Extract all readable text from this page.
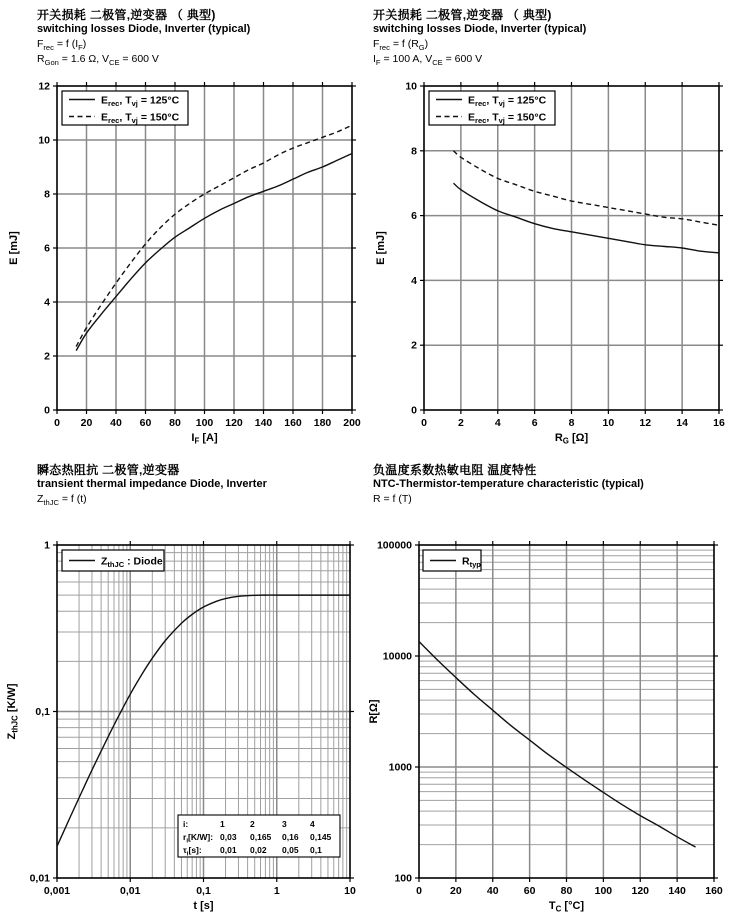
开关损耗 二极管,逆变器 （ 典型)
switching losses Diode, Inverter (typical)
$F_{rec} = f$ $(I_F)$
$R_{Gon} = 1.6$ Ω, $V_{CE} = 600$ V
开关损耗 二极管,逆变器 （ 典型)
switching losses Diode, Inverter (typical)
$F_{rec} = f$ $(R_G)$
$I_F = 100$ A, $V_{CE} = 600$ V
瞬态热阻抗 二极管,逆变器
transient thermal impedance Diode, Inverter
$Z_{thJC} = f$ (t)
负温度系数热敏电阻 温度特性
NTC-Thermistor-temperature characteristic (typical)
R = f (T)
0 20 40 60 80 100 120 140 160 180 200
0
2
4
6
8
10
12
$I_F$ [A]
E [mJ]
$E_{rec}$, $T_{vj} = 125^\circ C$
$E_{rec}$, $T_{vj} = 150^\circ C$
0	2	4	6	8	10 12 14 16
0
2
4
6
8
10
$R_G$ [Ω]
E [mJ]
$E_{rec}$, $T_{vj} = 125^\circ C$
$E_{rec}$, $T_{vj} = 150^\circ C$
0,001	0,01	0,1	1	10
0,01
0,1
1
t [s]
$Z_{thJC}$ [K/W]
$Z_{thJC}$ : Diode
i:	1	2	3	4
$r_i[K/W]$: 0,03 0,165 0,16 0,145
$\tau_i[s]$: 0,01 0,02 0,05 0,1
0	20 40 60 80 100 120 140 160
100
1000
10000
100000
$T_C$ [°C]
R[Ω]
$R_{typ}$
